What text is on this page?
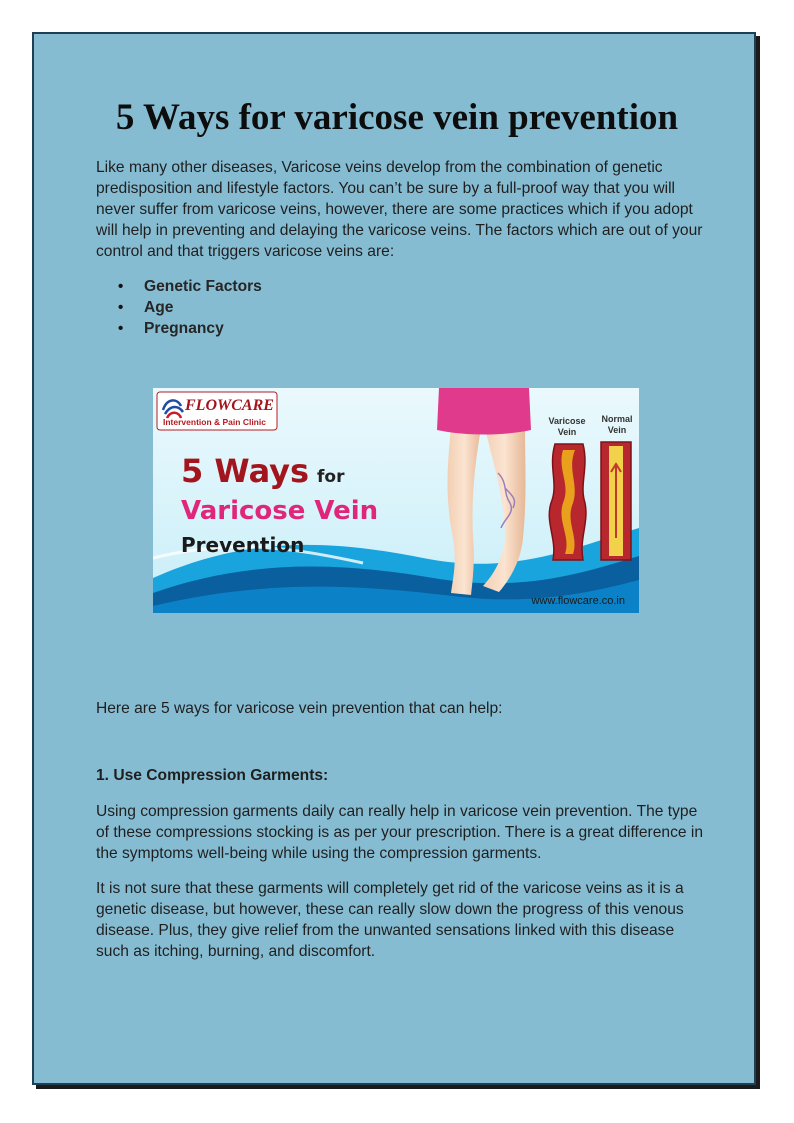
5 Ways for varicose vein prevention

Like many other diseases, Varicose veins develop from the combination of genetic predisposition and lifestyle factors. You can’t be sure by a full-proof way that you will never suffer from varicose veins, however, there are some practices which if you adopt will help in preventing and delaying the varicose veins. The factors which are out of your control and that triggers varicose veins are:

• Genetic Factors
• Age
• Pregnancy
FLOWCARE
Intervention & Pain Clinic
5 Ways for
Varicose Vein
Prevention
Varicose
Vein
Normal
Vein
www.flowcare.co.in

Here are 5 ways for varicose vein prevention that can help:

1. Use Compression Garments:

Using compression garments daily can really help in varicose vein prevention. The type of these compressions stocking is as per your prescription. There is a great difference in the symptoms well-being while using the compression garments.

It is not sure that these garments will completely get rid of the varicose veins as it is a genetic disease, but however, these can really slow down the progress of this venous disease. Plus, they give relief from the unwanted sensations linked with this disease such as itching, burning, and discomfort.
